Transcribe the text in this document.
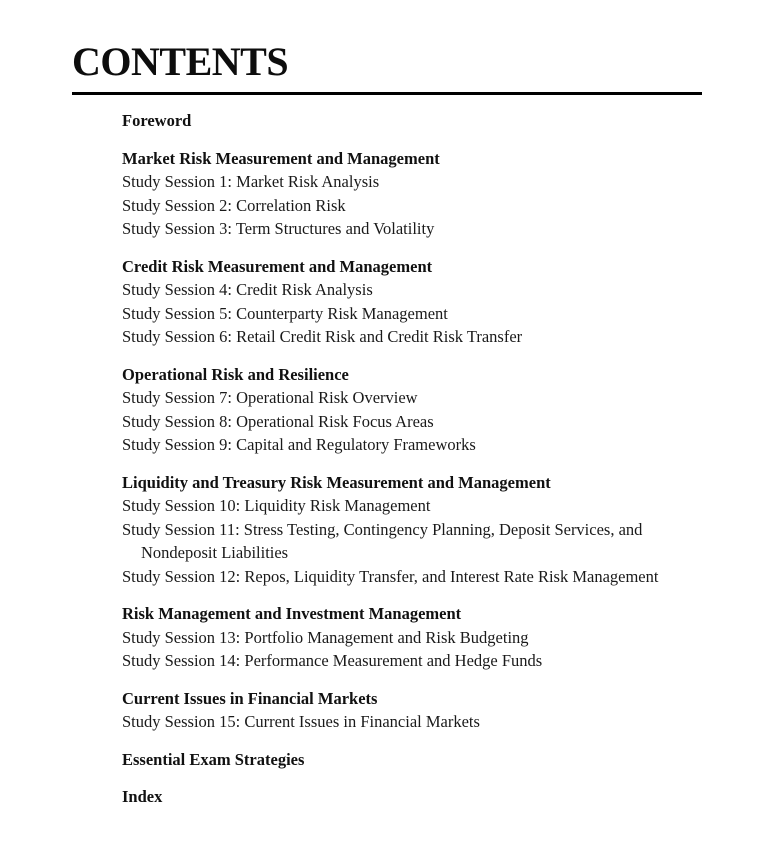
CONTENTS
Foreword
Market Risk Measurement and Management
Study Session 1: Market Risk Analysis
Study Session 2: Correlation Risk
Study Session 3: Term Structures and Volatility
Credit Risk Measurement and Management
Study Session 4: Credit Risk Analysis
Study Session 5: Counterparty Risk Management
Study Session 6: Retail Credit Risk and Credit Risk Transfer
Operational Risk and Resilience
Study Session 7: Operational Risk Overview
Study Session 8: Operational Risk Focus Areas
Study Session 9: Capital and Regulatory Frameworks
Liquidity and Treasury Risk Measurement and Management
Study Session 10: Liquidity Risk Management
Study Session 11: Stress Testing, Contingency Planning, Deposit Services, and Nondeposit Liabilities
Study Session 12: Repos, Liquidity Transfer, and Interest Rate Risk Management
Risk Management and Investment Management
Study Session 13: Portfolio Management and Risk Budgeting
Study Session 14: Performance Measurement and Hedge Funds
Current Issues in Financial Markets
Study Session 15: Current Issues in Financial Markets
Essential Exam Strategies
Index
